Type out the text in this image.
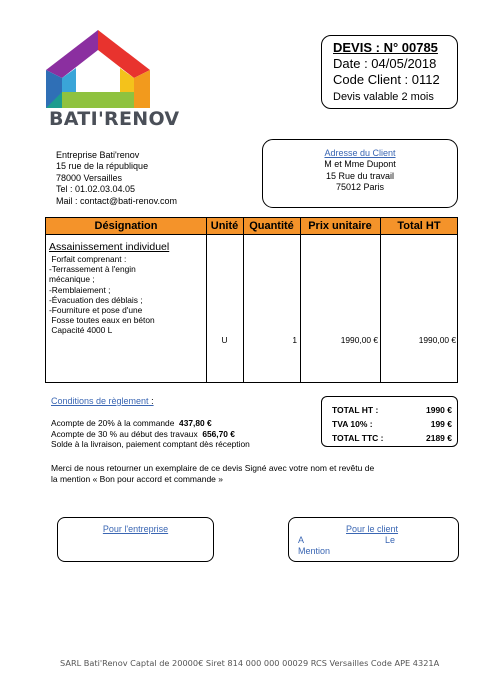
BATI'RENOV
DEVIS : N° 00785
Date : 04/05/2018
Code Client : 0112
Devis valable 2 mois
Entreprise Bati'renov
15 rue de la république
78000 Versailles
Tel : 01.02.03.04.05
Mail : contact@bati-renov.com
Adresse du Client
M et Mme Dupont
15 Rue du travail
75012 Paris
Désignation	Unité Quantité	Prix unitaire	Total HT
Assainissement individuel
Forfait comprenant :
-Terrassement à l'engin
mécanique ;
-Remblaiement ;
-Évacuation des déblais ;
-Fourniture et pose d'une
Fosse toutes eaux en béton
Capacité 4000 L
U	1	1990,00 €	1990,00 €
Conditions de règlement :
Acompte de 20% à la commande 437,80 €
Acompte de 30 % au début des travaux 656,70 €
Solde à la livraison, paiement comptant dès réception
TOTAL HT :	1990 €
TVA 10% :	199 €
TOTAL TTC :	2189 €
Merci de nous retourner un exemplaire de ce devis Signé avec votre nom et revêtu de
la mention « Bon pour accord et commande »
Pour l'entreprise	Pour le client
A	Le
Mention
SARL Bati'Renov Captal de 20000€ Siret 814 000 000 00029 RCS Versailles Code APE 4321A
